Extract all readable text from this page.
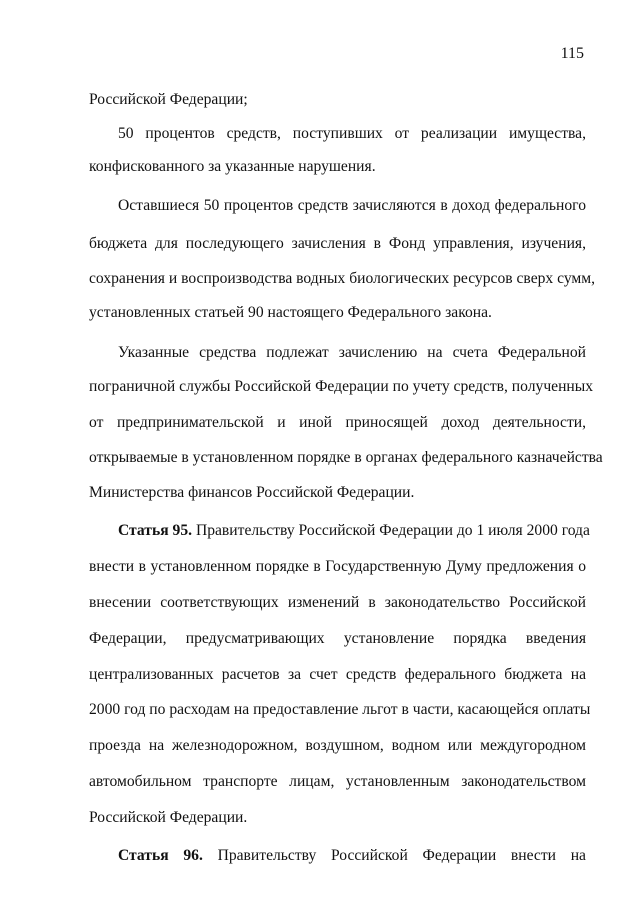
115
Российской Федерации;
50 процентов средств, поступивших от реализации имущества,
конфискованного за указанные нарушения.
Оставшиеся 50 процентов средств зачисляются в доход федерального
бюджета для последующего зачисления в Фонд управления, изучения,
сохранения и воспроизводства водных биологических ресурсов сверх сумм,
установленных статьей 90 настоящего Федерального закона.
Указанные средства подлежат зачислению на счета Федеральной
пограничной службы Российской Федерации по учету средств, полученных
от предпринимательской и иной приносящей доход деятельности,
открываемые в установленном порядке в органах федерального казначейства
Министерства финансов Российской Федерации.
Статья 95. Правительству Российской Федерации до 1 июля 2000 года
внести в установленном порядке в Государственную Думу предложения о
внесении соответствующих изменений в законодательство Российской
Федерации, предусматривающих установление порядка введения
централизованных расчетов за счет средств федерального бюджета на
2000 год по расходам на предоставление льгот в части, касающейся оплаты
проезда на железнодорожном, воздушном, водном или междугородном
автомобильном транспорте лицам, установленным законодательством
Российской Федерации.
Статья 96. Правительству Российской Федерации внести на
